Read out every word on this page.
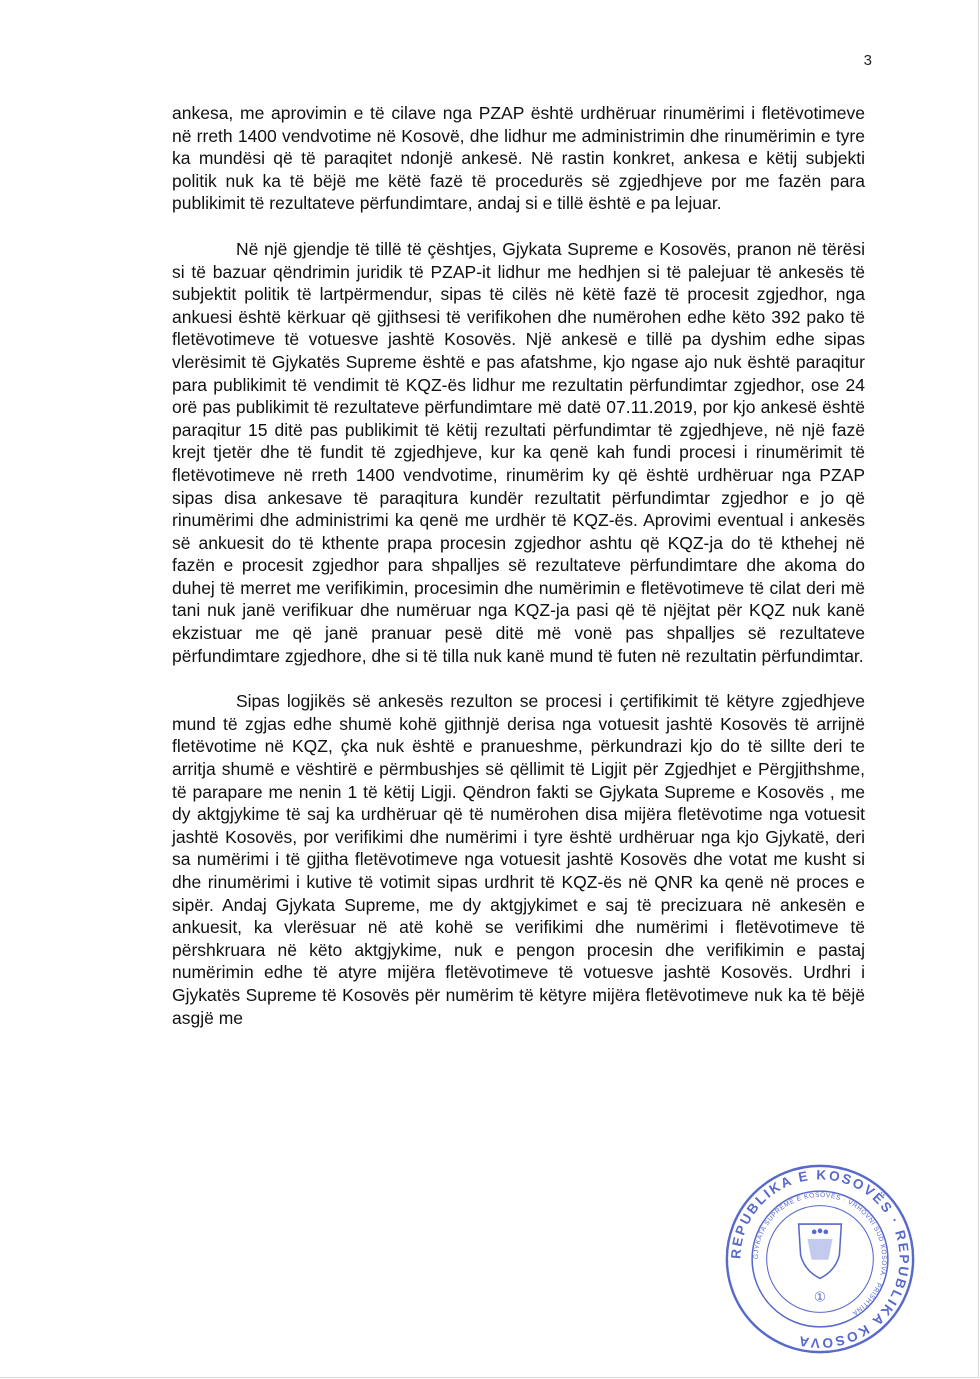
3

ankesa, me aprovimin e të cilave nga PZAP është urdhëruar rinumërimi i fletëvotimeve në rreth 1400 vendvotime në Kosovë, dhe lidhur me administrimin dhe rinumërimin e tyre ka mundësi që të paraqitet ndonjë ankesë. Në rastin konkret, ankesa e këtij subjekti politik nuk ka të bëjë me këtë fazë të procedurës së zgjedhjeve por me fazën para publikimit të rezultateve përfundimtare, andaj si e tillë është e pa lejuar.

Në një gjendje të tillë të çështjes, Gjykata Supreme e Kosovës, pranon në tërësi si të bazuar qëndrimin juridik të PZAP-it lidhur me hedhjen si të palejuar të ankesës të subjektit politik të lartpërmendur, sipas të cilës në këtë fazë të procesit zgjedhor, nga ankuesi është kërkuar që gjithsesi të verifikohen dhe numërohen edhe këto 392 pako të fletëvotimeve të votuesve jashtë Kosovës. Një ankesë e tillë pa dyshim edhe sipas vlerësimit të Gjykatës Supreme është e pas afatshme, kjo ngase ajo nuk është paraqitur para publikimit të vendimit të KQZ-ës lidhur me rezultatin përfundimtar zgjedhor, ose 24 orë pas publikimit të rezultateve përfundimtare më datë 07.11.2019, por kjo ankesë është paraqitur 15 ditë pas publikimit të këtij rezultati përfundimtar të zgjedhjeve, në një fazë krejt tjetër dhe të fundit të zgjedhjeve, kur ka qenë kah fundi procesi i rinumërimit të fletëvotimeve në rreth 1400 vendvotime, rinumërim ky që është urdhëruar nga PZAP sipas disa ankesave të paraqitura kundër rezultatit përfundimtar zgjedhor e jo që rinumërimi dhe administrimi ka qenë me urdhër të KQZ-ës. Aprovimi eventual i ankesës së ankuesit do të kthente prapa procesin zgjedhor ashtu që KQZ-ja do të kthehej në fazën e procesit zgjedhor para shpalljes së rezultateve përfundimtare dhe akoma do duhej të merret me verifikimin, procesimin dhe numërimin e fletëvotimeve të cilat deri më tani nuk janë verifikuar dhe numëruar nga KQZ-ja pasi që të njëjtat për KQZ nuk kanë ekzistuar me që janë pranuar pesë ditë më vonë pas shpalljes së rezultateve përfundimtare zgjedhore, dhe si të tilla nuk kanë mund të futen në rezultatin përfundimtar.

Sipas logjikës së ankesës rezulton se procesi i çertifikimit të këtyre zgjedhjeve mund të zgjas edhe shumë kohë gjithnjë derisa nga votuesit jashtë Kosovës të arrijnë fletëvotime në KQZ, çka nuk është e pranueshme, përkundrazi kjo do të sillte deri te arritja shumë e vështirë e përmbushjes së qëllimit të Ligjit për Zgjedhjet e Përgjithshme, të parapare me nenin 1 të këtij Ligji. Qëndron fakti se Gjykata Supreme e Kosovës , me dy aktgjykime të saj ka urdhëruar që të numërohen disa mijëra fletëvotime nga votuesit jashtë Kosovës, por verifikimi dhe numërimi i tyre është urdhëruar nga kjo Gjykatë, deri sa numërimi i të gjitha fletëvotimeve nga votuesit jashtë Kosovës dhe votat me kusht si dhe rinumërimi i kutive të votimit sipas urdhrit të KQZ-ës në QNR ka qenë në proces e sipër. Andaj Gjykata Supreme, me dy aktgjykimet e saj të precizuara në ankesën e ankuesit, ka vlerësuar në atë kohë se verifikimi dhe numërimi i fletëvotimeve të përshkruara në këto aktgjykime, nuk e pengon procesin dhe verifikimin e pastaj numërimin edhe të atyre mijëra fletëvotimeve të votuesve jashtë Kosovës. Urdhri i Gjykatës Supreme të Kosovës për numërim të këtyre mijëra fletëvotimeve nuk ka të bëjë asgjë me

REPUBLIKA E KOSOVËS · REPUBLIKA KOSOVA
GJYKATA SUPREME E KOSOVËS · VRHOVNI SUD KOSOVA · PRISHTINA
①
